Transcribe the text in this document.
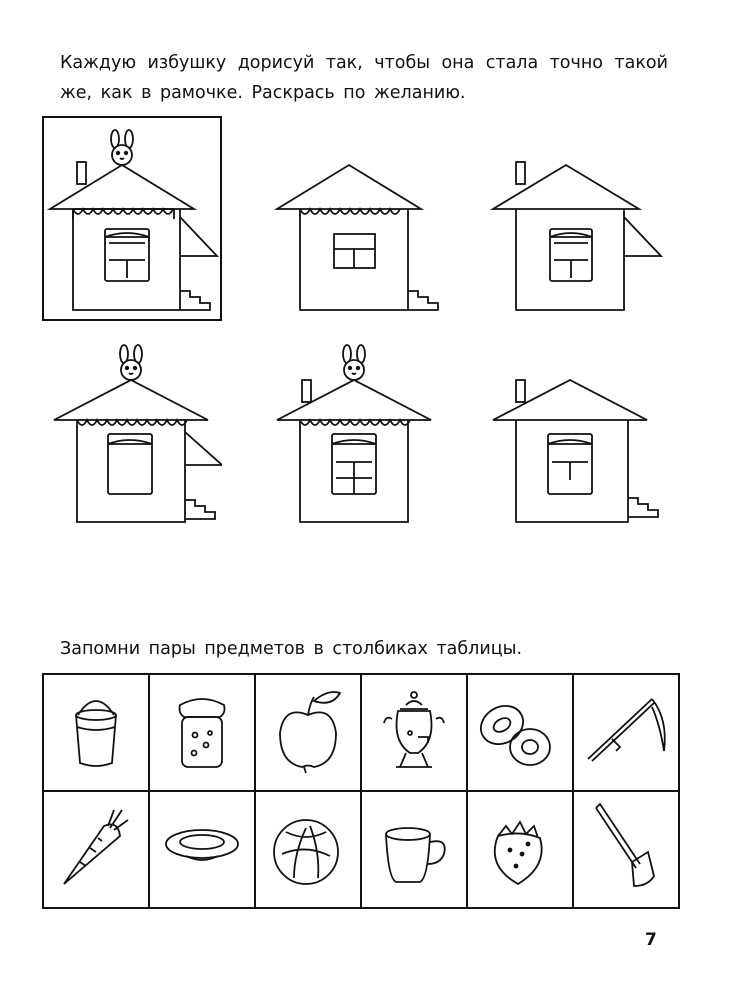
Каждую избушку дорисуй так, чтобы она стала точно такой же, как в рамочке. Раскрась по желанию.
Запомни пары предметов в столбиках таблицы.

7
